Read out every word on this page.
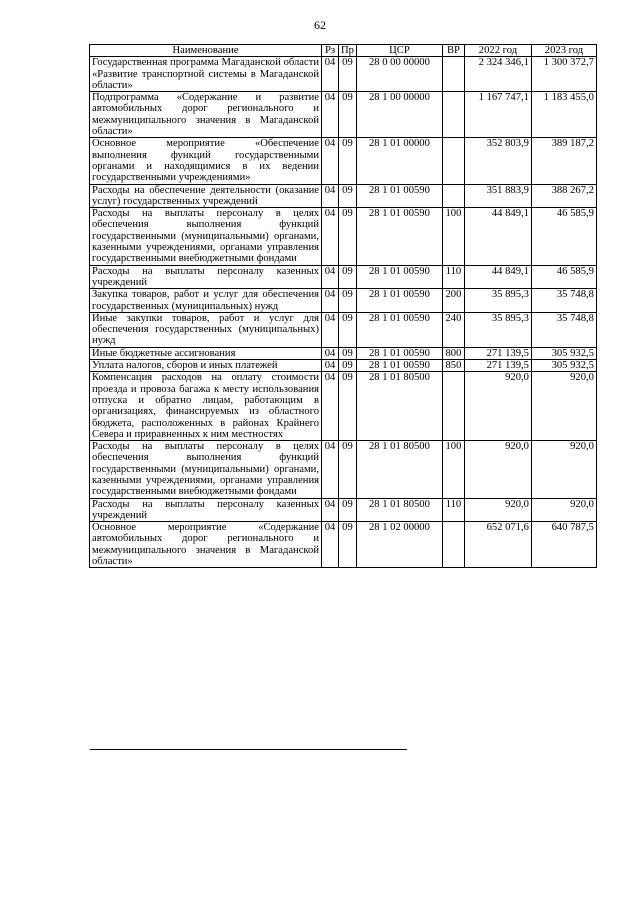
62
Наименование	Рз	Пр	ЦСР	ВР	2022 год	2023 год
Государственная программа Магаданской области «Развитие транспортной системы в Магаданской области»	04	09	28 0 00 00000		2 324 346,1	1 300 372,7
Подпрограмма «Содержание и развитие автомобильных дорог регионального и межмуниципального значения в Магаданской области»	04	09	28 1 00 00000		1 167 747,1	1 183 455,0
Основное мероприятие «Обеспечение выполнения функций государственными органами и находящимися в их ведении государственными учреждениями»	04	09	28 1 01 00000		352 803,9	389 187,2
Расходы на обеспечение деятельности (оказание услуг) государственных учреждений	04	09	28 1 01 00590		351 883,9	388 267,2
Расходы на выплаты персоналу в целях обеспечения выполнения функций государственными (муниципальными) органами, казенными учреждениями, органами управления государственными внебюджетными фондами	04	09	28 1 01 00590	100	44 849,1	46 585,9
Расходы на выплаты персоналу казенных учреждений	04	09	28 1 01 00590	110	44 849,1	46 585,9
Закупка товаров, работ и услуг для обеспечения государственных (муниципальных) нужд	04	09	28 1 01 00590	200	35 895,3	35 748,8
Иные закупки товаров, работ и услуг для обеспечения государственных (муниципальных) нужд	04	09	28 1 01 00590	240	35 895,3	35 748,8
Иные бюджетные ассигнования	04	09	28 1 01 00590	800	271 139,5	305 932,5
Уплата налогов, сборов и иных платежей	04	09	28 1 01 00590	850	271 139,5	305 932,5
Компенсация расходов на оплату стоимости проезда и провоза багажа к месту использования отпуска и обратно лицам, работающим в организациях, финансируемых из областного бюджета, расположенных в районах Крайнего Севера и приравненных к ним местностях	04	09	28 1 01 80500		920,0	920,0
Расходы на выплаты персоналу в целях обеспечения выполнения функций государственными (муниципальными) органами, казенными учреждениями, органами управления государственными внебюджетными фондами	04	09	28 1 01 80500	100	920,0	920,0
Расходы на выплаты персоналу казенных учреждений	04	09	28 1 01 80500	110	920,0	920,0
Основное мероприятие «Содержание автомобильных дорог регионального и межмуниципального значения в Магаданской области»	04	09	28 1 02 00000		652 071,6	640 787,5
